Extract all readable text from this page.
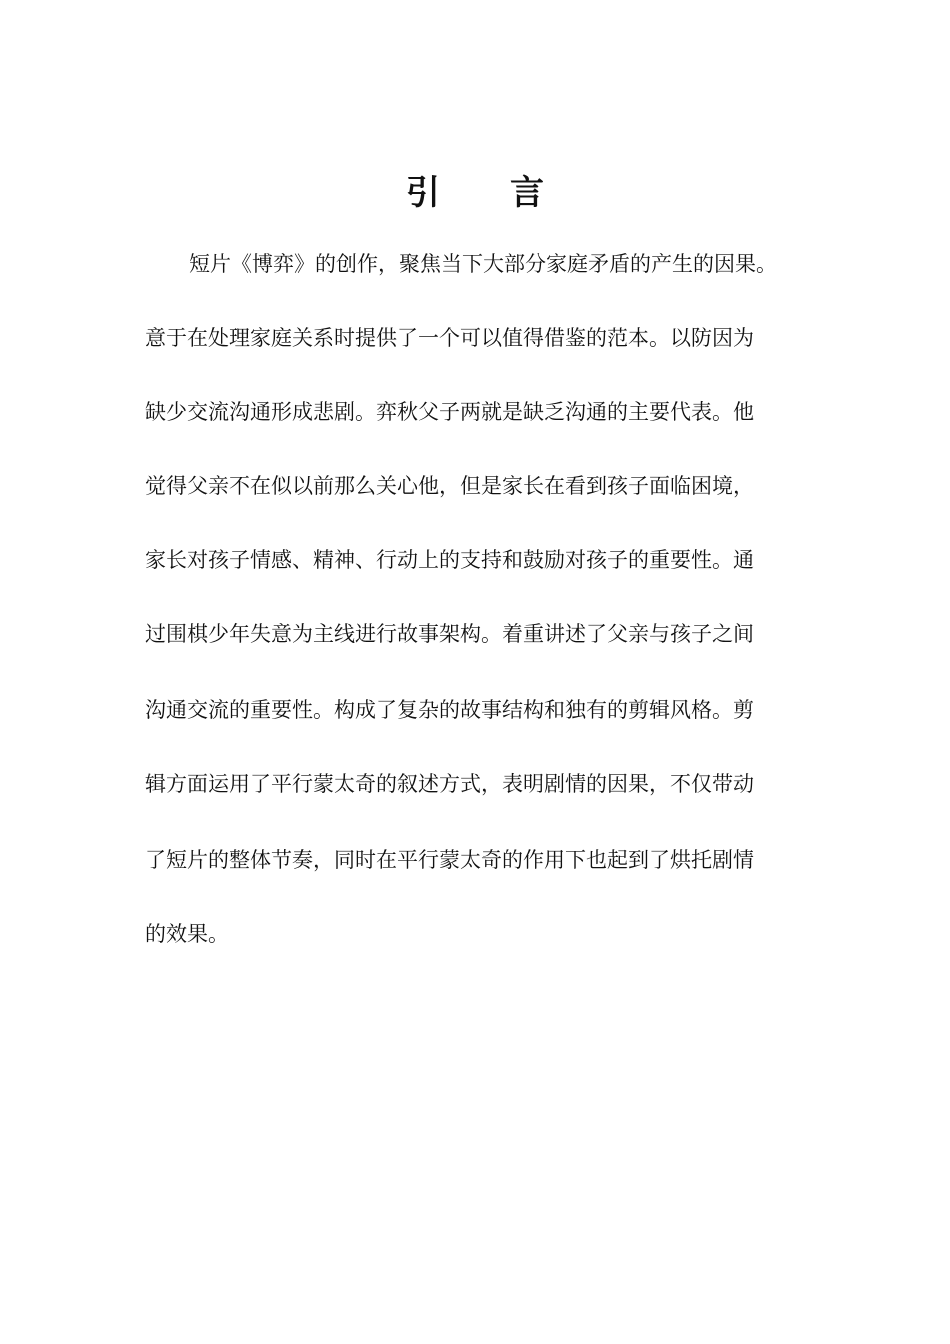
引言
短片《博弈》的创作，聚焦当下大部分家庭矛盾的产生的因果。
意于在处理家庭关系时提供了一个可以值得借鉴的范本。以防因为
缺少交流沟通形成悲剧。弈秋父子两就是缺乏沟通的主要代表。他
觉得父亲不在似以前那么关心他，但是家长在看到孩子面临困境，
家长对孩子情感、精神、行动上的支持和鼓励对孩子的重要性。通
过围棋少年失意为主线进行故事架构。着重讲述了父亲与孩子之间
沟通交流的重要性。构成了复杂的故事结构和独有的剪辑风格。剪
辑方面运用了平行蒙太奇的叙述方式，表明剧情的因果，不仅带动
了短片的整体节奏，同时在平行蒙太奇的作用下也起到了烘托剧情
的效果。
